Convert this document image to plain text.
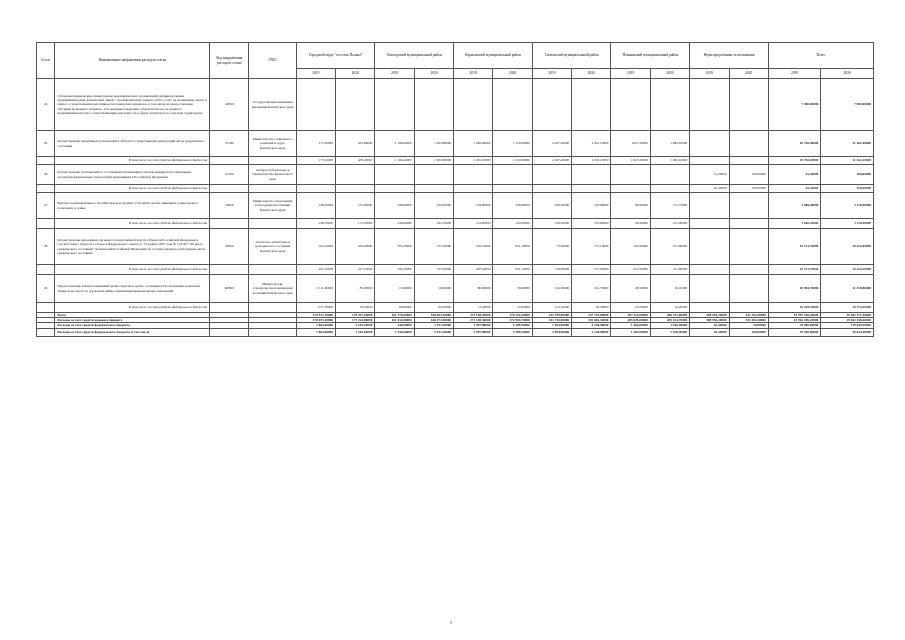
№ п/п	Наименование направления расходов статья	Код направления расходов статьи	ГРБС	Городской округ "поселок Палана"		Олюторский муниципальный район		Карагинский муниципальный район		Тигильский муниципальный район		Пенжинский муниципальный район		Нераспределенные ассигнования		Всего	
				2019	2020	2019	2020	2019	2020	2019	2020	2019	2020	2019	2020	2019	2020
24	Субсидии юридическим лицам (кроме некоммерческих организаций), индивидуальным предпринимателям, физическим лицам – производителям товаров, работ, услуг на возмещение затрат в связи с осуществлением регулярных пассажирских перевозок, в том числе на предоставление субсидий из краевого бюджета, для оказания поддержки субъектам малого и среднего предпринимательства, осуществляющим деятельность в сфере транспорта на сельских территориях	40300	Государственная жилищная инспекция Камчатского края													7 000,00000	7 000,00000
25	Осуществление переданных полномочий в области государственной регистрации актов гражданского состояния	51180	Министерство социального развития и труда Камчатского края	177,20000	413,60000	1 196,60000	1 263,80000	1 282,90000	1 310,90000	4 027,20000	4 091,10000	1027,20000	1 084,10000			10 756,90000	11 162,40000
	В том числе за счет средств федерального бюджета			177,20000	403,40000	1 166,40000	1 263,80000	1 281,30000	1 310,90000	4 027,20000	4 091,10000	1 027,20000	1 084,10000			10 756,90000	11 162,40000
26	Осуществление полномочий по составлению (изменению) списков кандидатов в присяжные заседатели федеральных судов общей юрисдикции в Российской Федерации	51200	Аппарат Губернатора и Правительства Камчатского края											51,20000	100,00000	62,40000	100,00000
	В том числе за счет средств федерального бюджета													62,40000	100,00000	62,40000	100,00000
27	Выплата единовременного пособия при всех формах устройства детей, лишенных родительского попечения, в семью	52600	Министерство образования и молодежной политики Камчатского края	148,20000	155,00000	249,60000	169,20000	124,80000	129,00000	199,50000	153,80000	99,90000	111,75000			1 906,40000	1 110,90000
	В том числе за счет средств федерального бюджета			248,70000	174,50000	249,60000	162,70000	124,80000	129,00000	199,50000	153,80000	99,90000	101,90000			1 906,40000	1 110,90000
28	Осуществление переданных органам государственной власти субъектов Российской Федерации в соответствии с пунктом 1 статьи 4 Федерального закона от 15 ноября 1997 года № 143-ФЗ "Об актах гражданского состояния" полномочий Российской Федерации на государственную регистрацию актов гражданского состояния	59300	Агентство записи актов гражданского состояния Камчатского края	504,10000	432,20000	705,20000	725,50000	552,10000	831,10000	73,00000	771,10000	102,90000	311,60000			10 131,70000	10 422,60000
	В том числе за счет средств федерального бюджета			491,10000	417,20000	705,20000	723,50000	487,40000	651,10000	718,00000	757,60000	612,90000	311,60000			10 131,70000	10 422,60000
29	Предоставление жилых помещений детям-сиротам и детям, оставшимся без попечения родителей, лицам из их числа по договорам найма специализированных жилых помещений	R0820	Министерство строительства и жилищной политики Камчатского края	1 111,60000	83,20000	15,60000	10,00000	80,90000	79,60000	124,30000	101,70000	28,50000	16,10000			10 984,70000	11 319,80000
	В том числе за счет средств федерального бюджета			3,37,70000	79,30000	80,00000	60,30000	11,40000	72,60000	124,10000	99,30000	25,60000	10,40000			10 228,50000	10 773,60000
	Всего			179 917,10000	178 327,20000	161 778,00000	168 003,20000	273 128,30000	278 194,20000	322 799,00000	337 791,00000	287 114,00000	286 751,00000	588 955,20000	531 702,50000	10 997 196,20000	19 282 171,50000
	Расходы за счет средств краевого бюджета			178 053,10000	177 224,00000	161 432,00000	166 472,00000	271 130,50000	272 904,70000	321 745,00000	335 662,10000	285 645,00000	285 224,70000	588 955,20000	531 692,50000	10 962 296,20000	19 162 340,60000
	Расходы за счет средств федерального бюджета			1 864,00000	1 103,20000	346,00000	1 531,20000	1 997,80000	5 289,50000	1 054,00000	2 128,90000	1 469,00000	1 526,30000	62,40000	10,00000	34 900,00000	119 830,90000
	Расходы за счет средств федерального бюджета, в том числе			1 864,00000	1 103,20000	2 346,00000	2 531,20000	2 997,80000	2 289,50000	2 054,00000	2 128,90000	1 469,00000	1 526,30000	62,40000	100,00000	35 540,00000	36 634,30000
5
